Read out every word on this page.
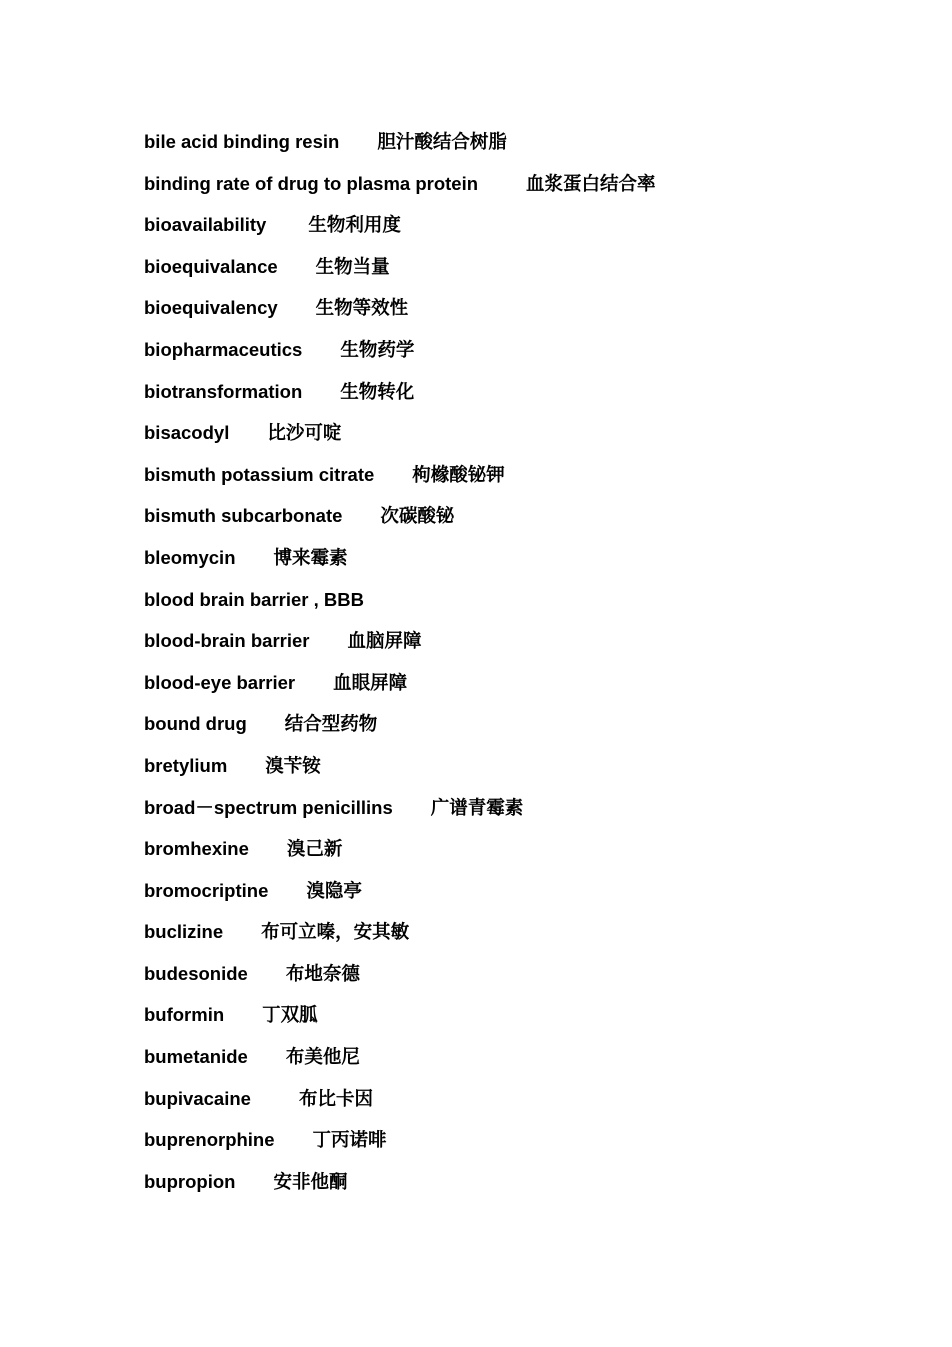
bile acid binding resin 胆汁酸结合树脂
binding rate of drug to plasma protein	血浆蛋白结合率
bioavailability 生物利用度
bioequivalance 生物当量
bioequivalency 生物等效性
biopharmaceutics 生物药学
biotransformation 生物转化
bisacodyl 比沙可啶
bismuth potassium citrate 枸橼酸铋钾
bismuth subcarbonate 次碳酸铋
bleomycin 博来霉素
blood brain barrier , BBB
blood-brain barrier 血脑屏障
blood-eye barrier 血眼屏障
bound drug 结合型药物
bretylium 溴苄铵
broad－spectrum penicillins 广谱青霉素
bromhexine 溴己新
bromocriptine 溴隐亭
buclizine 布可立嗪，安其敏
budesonide 布地奈德
buformin 丁双胍
bumetanide 布美他尼
bupivacaine	布比卡因
buprenorphine 丁丙诺啡
bupropion 安非他酮
